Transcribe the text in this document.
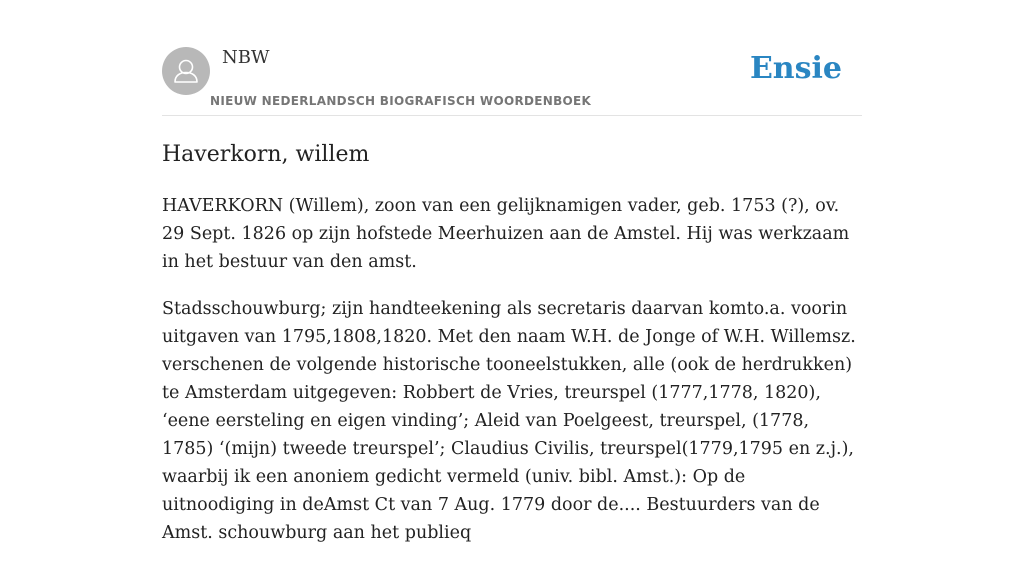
NBW
NIEUW NEDERLANDSCH BIOGRAFISCH WOORDENBOEK
Ensie
Haverkorn, willem

HAVERKORN (Willem), zoon van een gelijknamigen vader, geb. 1753 (?), ov. 29 Sept. 1826 op zijn hofstede Meerhuizen aan de Amstel. Hij was werkzaam in het bestuur van den amst.

Stadsschouwburg; zijn handteekening als secretaris daarvan komto.a. voorin uitgaven van 1795,1808,1820. Met den naam W.H. de Jonge of W.H. Willemsz. verschenen de volgende historische tooneelstukken, alle (ook de herdrukken) te Amsterdam uitgegeven: Robbert de Vries, treurspel (1777,1778, 1820), ‘eene eersteling en eigen vinding’; Aleid van Poelgeest, treurspel, (1778, 1785) ‘(mijn) tweede treurspel’; Claudius Civilis, treurspel(1779,1795 en z.j.), waarbij ik een anoniem gedicht vermeld (univ. bibl. Amst.): Op de uitnoodiging in deAmst Ct van 7 Aug. 1779 door de.... Bestuurders van de Amst. schouwburg aan het publieq
